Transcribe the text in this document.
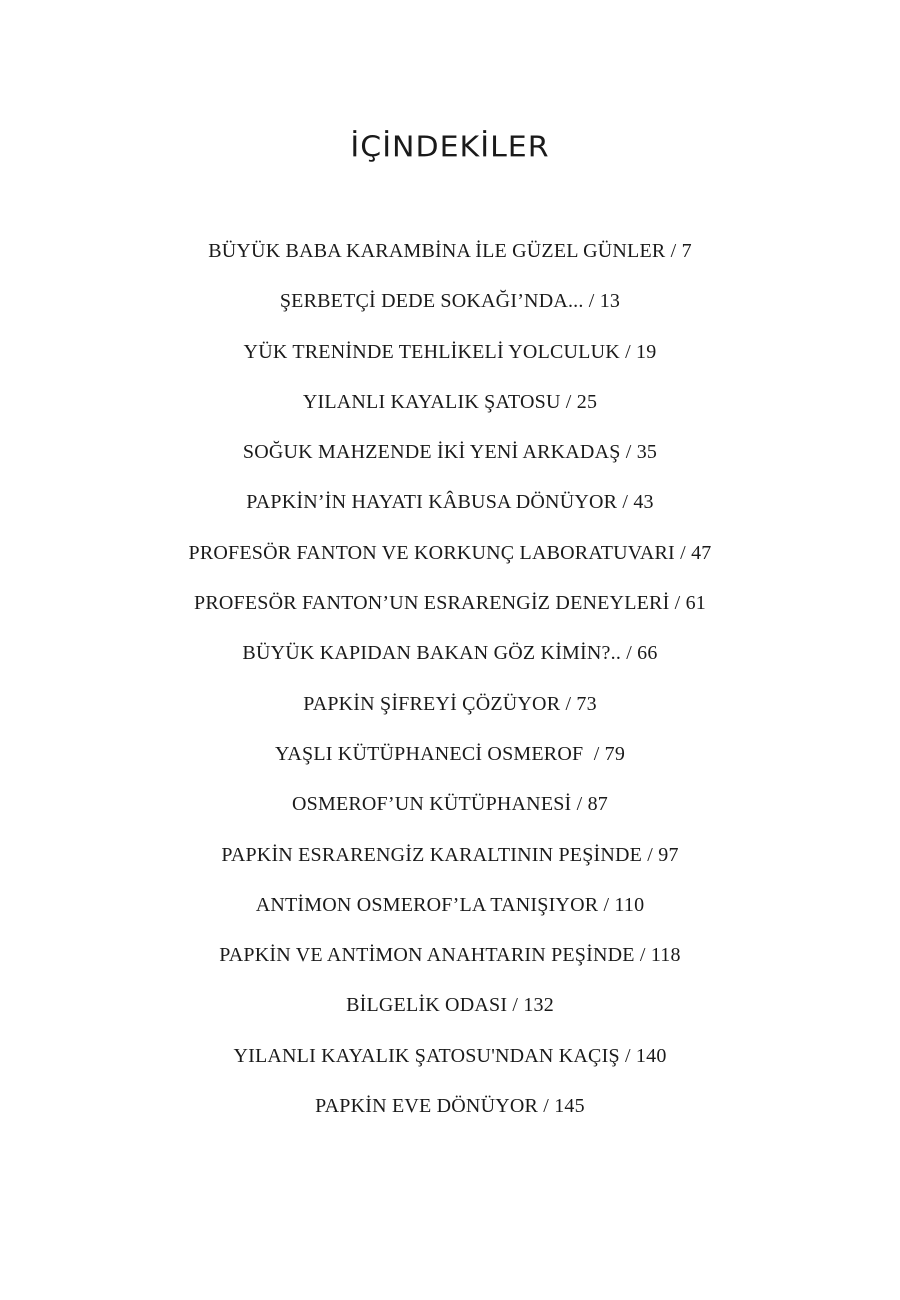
İÇİNDEKİLER
BÜYÜK BABA KARAMBİNA İLE GÜZEL GÜNLER / 7
ŞERBETÇİ DEDE SOKAĞI’NDA... / 13
YÜK TRENİNDE TEHLİKELİ YOLCULUK / 19
YILANLI KAYALIK ŞATOSU / 25
SOĞUK MAHZENDE İKİ YENİ ARKADAŞ / 35
PAPKİN’İN HAYATI KÂBUSA DÖNÜYOR / 43
PROFESÖR FANTON VE KORKUNÇ LABORATUVARI / 47
PROFESÖR FANTON’UN ESRARENGİZ DENEYLERİ / 61
BÜYÜK KAPIDAN BAKAN GÖZ KİMİN?.. / 66
PAPKİN ŞİFREYİ ÇÖZÜYOR / 73
YAŞLI KÜTÜPHANECİ OSMEROF  / 79
OSMEROF’UN KÜTÜPHANESİ / 87
PAPKİN ESRARENGİZ KARALTININ PEŞİNDE / 97
ANTİMON OSMEROF’LA TANIŞIYOR / 110
PAPKİN VE ANTİMON ANAHTARIN PEŞİNDE / 118
BİLGELİK ODASI / 132
YILANLI KAYALIK ŞATOSU'NDAN KAÇIŞ / 140
PAPKİN EVE DÖNÜYOR / 145
